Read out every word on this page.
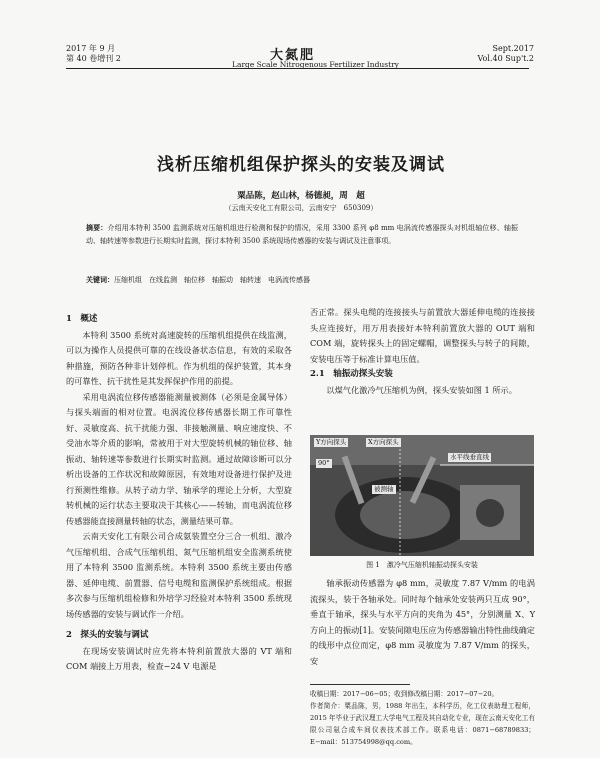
2017 年 9 月
第 40 卷增刊 2	大氮肥
Large Scale Nitrogenous Fertilizer Industry
Sept.2017
Vol.40 Sup't.2
浅析压缩机组保护探头的安装及调试
粟品陈，赵山林，杨德昶，周　超
（云南天安化工有限公司，云南安宁　650309）
摘要：介绍用本特利 3500 监测系统对压缩机组进行检测和保护的情况，采用 3300 系列 φ8 mm 电涡流传感器探头对机组轴位移、轴振动、轴转速等参数进行长期实时监测，探讨本特利 3500 系统现场传感器的安装与调试及注意事项。
关键词：压缩机组　在线监测　轴位移　轴振动　轴转速　电涡流传感器
1　概述

本特利 3500 系统对高速旋转的压缩机组提供在线监测，可以为操作人员提供可靠的在线设备状态信息，有效的采取各种措施，预防各种非计划停机。作为机组的保护装置，其本身的可靠性、抗干扰性是其发挥保护作用的前提。

采用电涡流位移传感器能测量被测体（必须是金属导体）与探头端面的相对位置。电涡流位移传感器长期工作可靠性好、灵敏度高、抗干扰能力强、非接触测量、响应速度快、不受油水等介质的影响，常被用于对大型旋转机械的轴位移、轴振动、轴转速等参数进行长期实时监测。通过故障诊断可以分析出设备的工作状况和故障原因，有效地对设备进行保护及进行预测性维修。从转子动力学、轴承学的理论上分析，大型旋转机械的运行状态主要取决于其核心——转轴，而电涡流位移传感器能直接测量转轴的状态，测量结果可靠。

云南天安化工有限公司合成氨装置空分三合一机组、激冷气压缩机组、合成气压缩机组、氮气压缩机组安全监测系统使用了本特利 3500 监测系统。本特利 3500 系统主要由传感器、延伸电缆、前置器、信号电缆和监测保护系统组成。根据多次参与压缩机组检修和外培学习经验对本特利 3500 系统现场传感器的安装与调试作一介绍。

2　探头的安装与调试

在现场安装调试时应先将本特利前置放大器的 VT 端和 COM 端接上万用表，检查−24 V 电源是

否正常。探头电缆的连接接头与前置放大器延伸电缆的连接接头应连接好，用万用表接好本特利前置放大器的 OUT 端和 COM 端，旋转探头上的固定螺帽，调整探头与转子的间隙，安装电压等于标准计算电压值。

2.1　轴振动探头安装

以煤气化激冷气压缩机为例，探头安装如图 1 所示。

Y方向探头	X方向探头
90°
水平线垂直线
被测轴
图 1　激冷气压缩机轴振动探头安装

轴承振动传感器为 φ8 mm，灵敏度 7.87 V/mm 的电涡流探头，装于各轴承处。同时每个轴承处安装两只互成 90°，垂直于轴承，探头与水平方向的夹角为 45°，分别测量 X、Y 方向上的振动[1]。安装间隙电压应为传感器输出特性曲线确定的线形中点位而定，φ8 mm 灵敏度为 7.87 V/mm 的探头，安

收稿日期：2017−06−05；收到修改稿日期：2017−07−20。
作者简介：粟品陈，男，1988 年出生，本科学历，化工仪表助理工程师，2015 年毕业于武汉理工大学电气工程及其自动化专业，现在云南天安化工有限公司氨合成车间仪表技术部工作。联系电话：0871−68789833；E−mail：513754998@qq.com。
